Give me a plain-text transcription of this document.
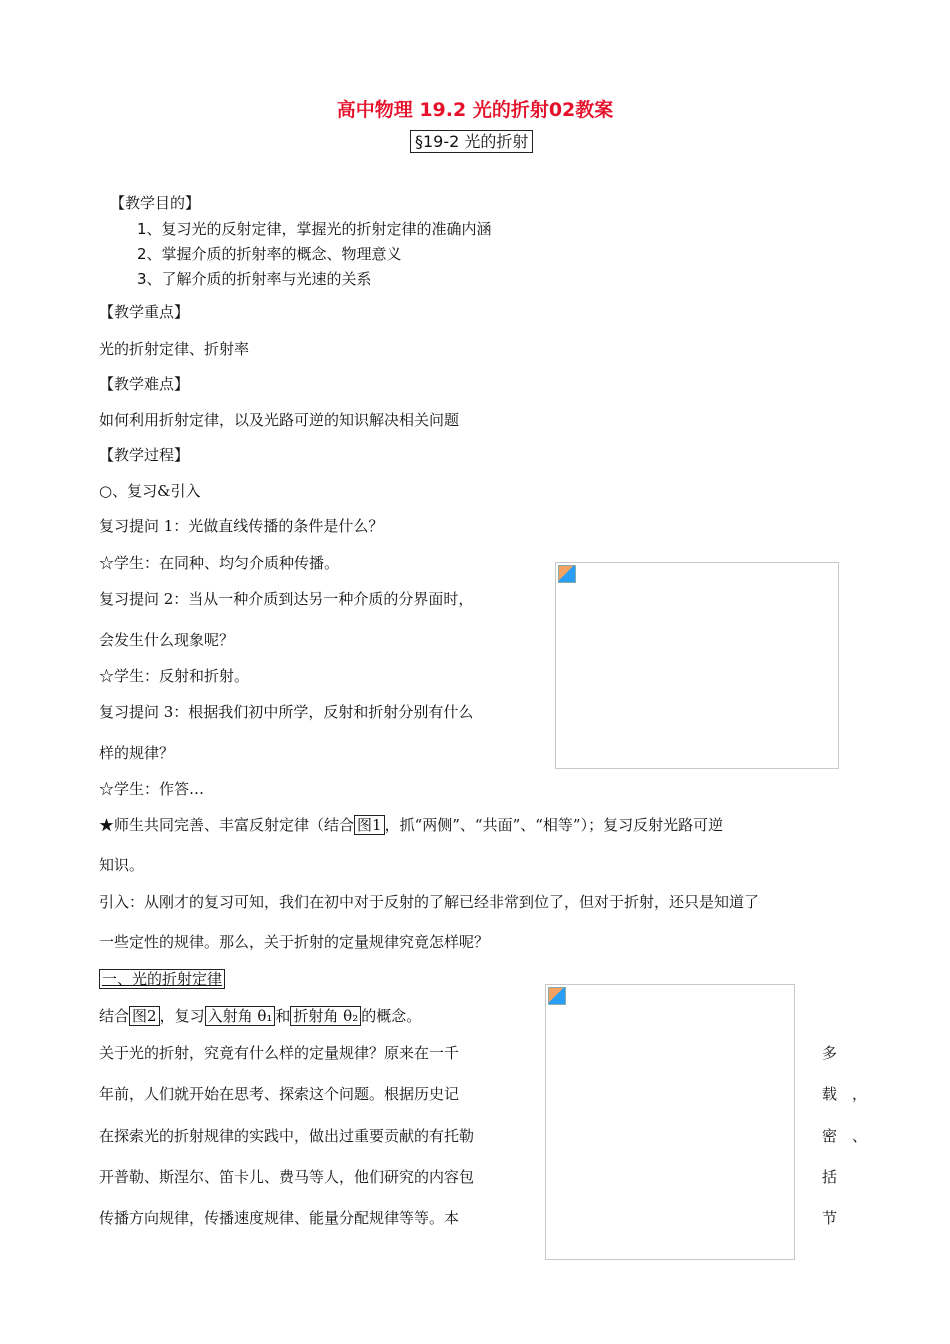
高中物理 19.2 光的折射02教案
§19-2 光的折射
【教学目的】
1、复习光的反射定律，掌握光的折射定律的准确内涵
2、掌握介质的折射率的概念、物理意义
3、了解介质的折射率与光速的关系
【教学重点】
光的折射定律、折射率
【教学难点】
如何利用折射定律，以及光路可逆的知识解决相关问题
【教学过程】
○、复习&引入
复习提问 1：光做直线传播的条件是什么？
☆学生：在同种、均匀介质种传播。
复习提问 2：当从一种介质到达另一种介质的分界面时，
会发生什么现象呢？
☆学生：反射和折射。
复习提问 3：根据我们初中所学，反射和折射分别有什么
样的规律？
☆学生：作答…
★师生共同完善、丰富反射定律（结合 图1 ，抓“两侧”、“共面”、“相等”）；复习反射光路可逆
知识。
引入：从刚才的复习可知，我们在初中对于反射的了解已经非常到位了，但对于折射，还只是知道了
一些定性的规律。那么，关于折射的定量规律究竟怎样呢？
一、光的折射定律
结合 图2 ，复习 入射角 θ₁ 和 折射角 θ₂ 的概念。
关于光的折射，究竟有什么样的定量规律？原来在一千
年前，人们就开始在思考、探索这个问题。根据历史记
在探索光的折射规律的实践中，做出过重要贡献的有托勒
开普勒、斯涅尔、笛卡儿、费马等人，他们研究的内容包
传播方向规律，传播速度规律、能量分配规律等等。本
多
载　，
密　、
括
节
